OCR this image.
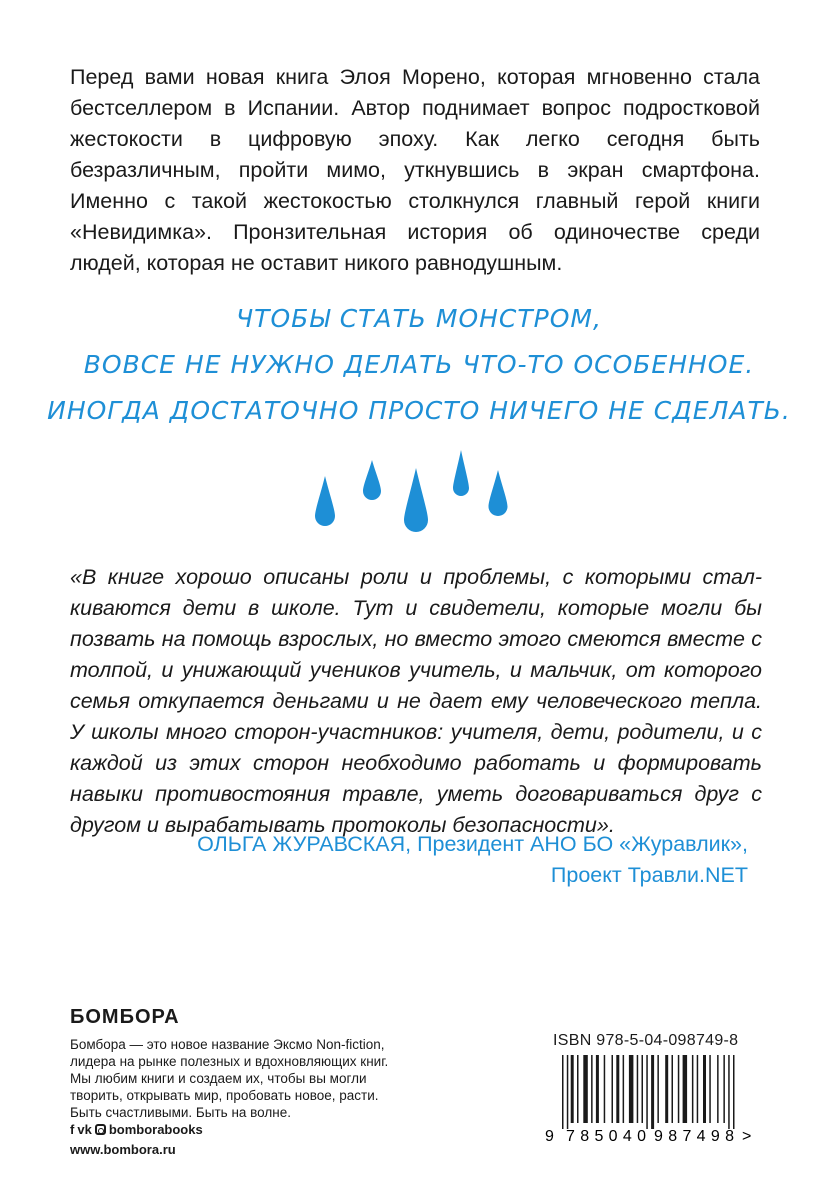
Перед вами новая книга Элоя Морено, которая мгновенно стала бестселлером в Испании. Автор поднимает вопрос подростковой жестокости в цифровую эпоху. Как легко сегодня быть безразличным, пройти мимо, уткнувшись в экран смартфона. Именно с такой жестокостью столкнулся главный герой книги «Невидимка». Пронзительная история об одиночестве среди людей, которая не оставит никого равнодушным.

ЧТОБЫ СТАТЬ МОНСТРОМ,
ВОВСЕ НЕ НУЖНО ДЕЛАТЬ ЧТО-ТО ОСОБЕННОЕ.
ИНОГДА ДОСТАТОЧНО ПРОСТО НИЧЕГО НЕ СДЕЛАТЬ.

«В книге хорошо описаны роли и проблемы, с которыми сталкиваются дети в школе. Тут и свидетели, которые могли бы позвать на помощь взрослых, но вместо этого смеются вместе с толпой, и унижающий учеников учитель, и мальчик, от которого семья откупается деньгами и не дает ему человеческого тепла. У школы много сторон-участников: учителя, дети, родители, и с каждой из этих сторон необходимо работать и формировать навыки противостояния травле, уметь договариваться друг с другом и вырабатывать протоколы безопасности».

ОЛЬГА ЖУРАВСКАЯ, Президент АНО БО «Журавлик»,
Проект Травли.NET

БОМБОРА

Бомбора — это новое название Эксмо Non-fiction,
лидера на рынке полезных и вдохновляющих книг.
Мы любим книги и создаем их, чтобы вы могли
творить, открывать мир, пробовать новое, расти.
Быть счастливыми. Быть на волне.
f vk bomborabooks

www.bombora.ru

ISBN 978-5-04-098749-8

9 785040 987498 >
